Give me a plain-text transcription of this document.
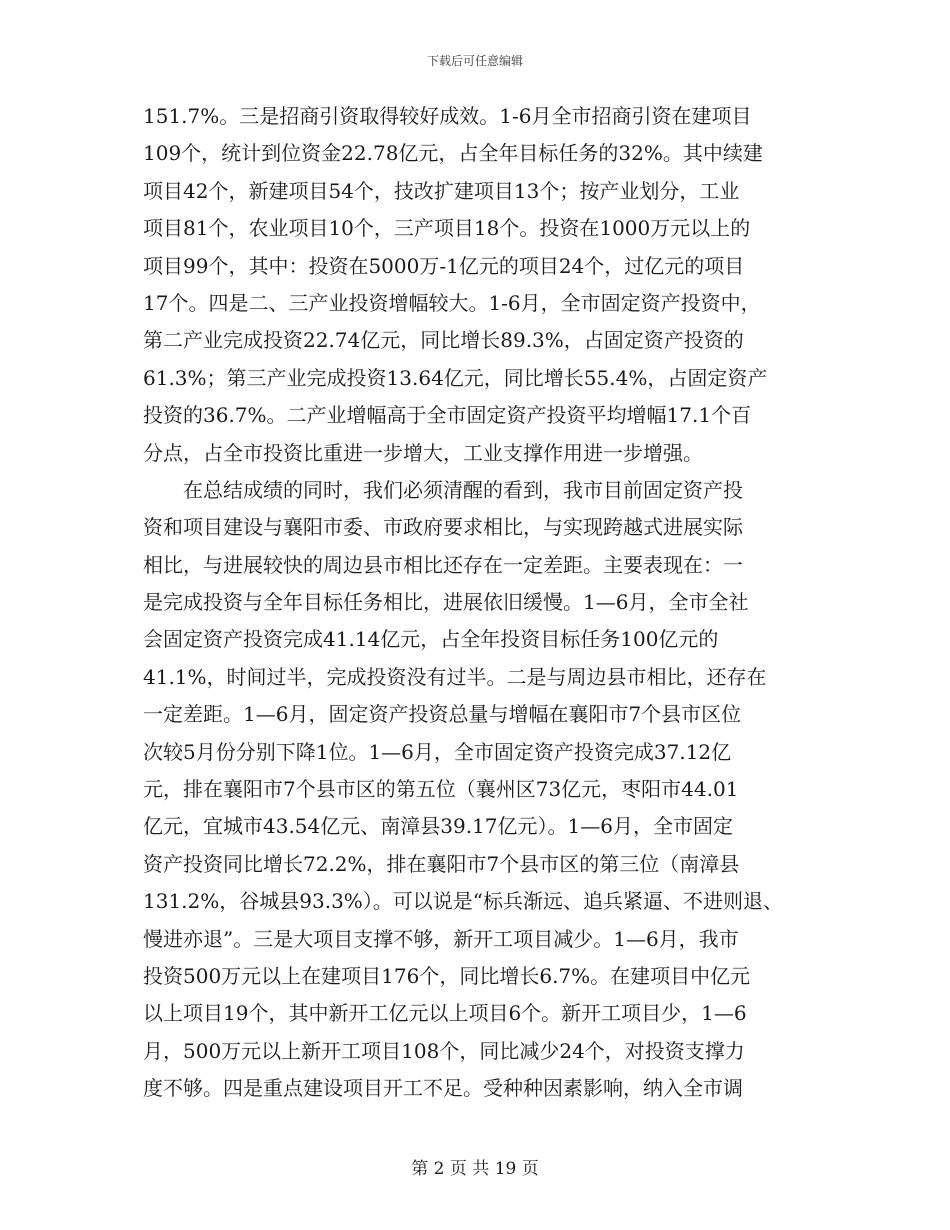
下载后可任意编辑
151.7%。三是招商引资取得较好成效。1-6月全市招商引资在建项目
109个，统计到位资金22.78亿元，占全年目标任务的32%。其中续建
项目42个，新建项目54个，技改扩建项目13个；按产业划分，工业
项目81个，农业项目10个，三产项目18个。投资在1000万元以上的
项目99个，其中：投资在5000万-1亿元的项目24个，过亿元的项目
17个。四是二、三产业投资增幅较大。1-6月，全市固定资产投资中，
第二产业完成投资22.74亿元，同比增长89.3%，占固定资产投资的
61.3%；第三产业完成投资13.64亿元，同比增长55.4%，占固定资产
投资的36.7%。二产业增幅高于全市固定资产投资平均增幅17.1个百
分点，占全市投资比重进一步增大，工业支撑作用进一步增强。
　　在总结成绩的同时，我们必须清醒的看到，我市目前固定资产投
资和项目建设与襄阳市委、市政府要求相比，与实现跨越式进展实际
相比，与进展较快的周边县市相比还存在一定差距。主要表现在：一
是完成投资与全年目标任务相比，进展依旧缓慢。1—6月，全市全社
会固定资产投资完成41.14亿元，占全年投资目标任务100亿元的
41.1%，时间过半，完成投资没有过半。二是与周边县市相比，还存在
一定差距。1—6月，固定资产投资总量与增幅在襄阳市7个县市区位
次较5月份分别下降1位。1—6月，全市固定资产投资完成37.12亿
元，排在襄阳市7个县市区的第五位（襄州区73亿元，枣阳市44.01
亿元，宜城市43.54亿元、南漳县39.17亿元）。1—6月，全市固定
资产投资同比增长72.2%，排在襄阳市7个县市区的第三位（南漳县
131.2%，谷城县93.3%）。可以说是“标兵渐远、追兵紧逼、不进则退、
慢进亦退”。三是大项目支撑不够，新开工项目减少。1—6月，我市
投资500万元以上在建项目176个，同比增长6.7%。在建项目中亿元
以上项目19个，其中新开工亿元以上项目6个。新开工项目少，1—6
月，500万元以上新开工项目108个，同比减少24个，对投资支撑力
度不够。四是重点建设项目开工不足。受种种因素影响，纳入全市调
第 2 页 共 19 页
